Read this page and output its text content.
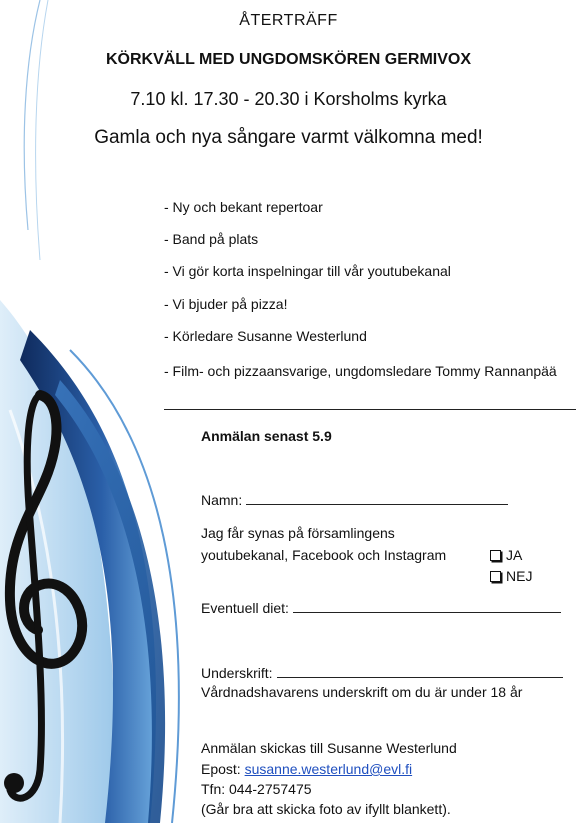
ÅTERTRÄFF
KÖRKVÄLL MED UNGDOMSKÖREN GERMIVOX
7.10 kl. 17.30 - 20.30 i Korsholms kyrka
Gamla och nya sångare varmt välkomna med!
- Ny och bekant repertoar
- Band på plats
- Vi gör korta inspelningar till vår youtubekanal
- Vi bjuder på pizza!
- Körledare Susanne Westerlund
- Film- och pizzaansvarige, ungdomsledare Tommy Rannanpää
Anmälan senast 5.9
Namn:
Jag får synas på församlingens
youtubekanal, Facebook och Instagram	JA
NEJ
Eventuell diet:
Underskrift:
Vårdnadshavarens underskrift om du är under 18 år
Anmälan skickas till Susanne Westerlund
Epost: susanne.westerlund@evl.fi
Tfn: 044-2757475
(Går bra att skicka foto av ifyllt blankett).
